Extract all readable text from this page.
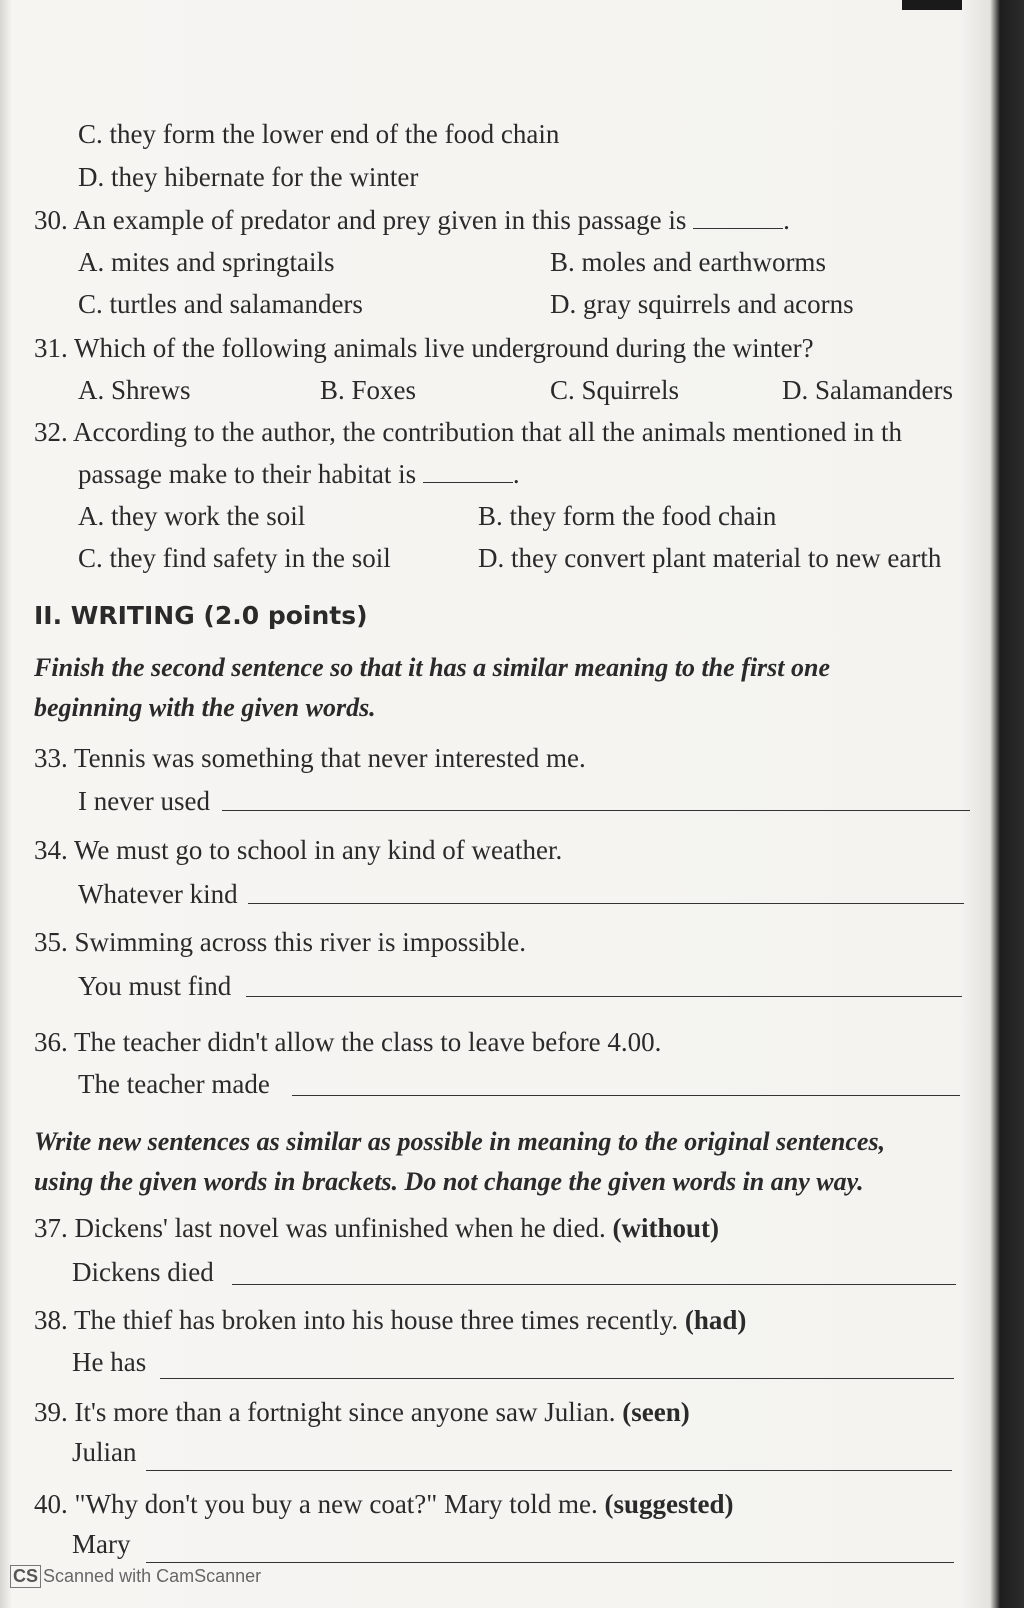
C. they form the lower end of the food chain
D. they hibernate for the winter
30. An example of predator and prey given in this passage is	.
A. mites and springtails	B. moles and earthworms
C. turtles and salamanders	D. gray squirrels and acorns
31. Which of the following animals live underground during the winter?
A. Shrews	B. Foxes	C. Squirrels	D. Salamanders
32. According to the author, the contribution that all the animals mentioned in th
passage make to their habitat is	.
A. they work the soil	B. they form the food chain
C. they find safety in the soil	D. they convert plant material to new earth
II. WRITING (2.0 points)
Finish the second sentence so that it has a similar meaning to the first one
beginning with the given words.
33. Tennis was something that never interested me.
I never used
34. We must go to school in any kind of weather.
Whatever kind
35. Swimming across this river is impossible.
You must find
36. The teacher didn't allow the class to leave before 4.00.
The teacher made
Write new sentences as similar as possible in meaning to the original sentences,
using the given words in brackets. Do not change the given words in any way.
37. Dickens' last novel was unfinished when he died. (without)
Dickens died
38. The thief has broken into his house three times recently. (had)
He has
39. It's more than a fortnight since anyone saw Julian. (seen)
Julian
40. "Why don't you buy a new coat?" Mary told me. (suggested)
Mary
CS Scanned with CamScanner
